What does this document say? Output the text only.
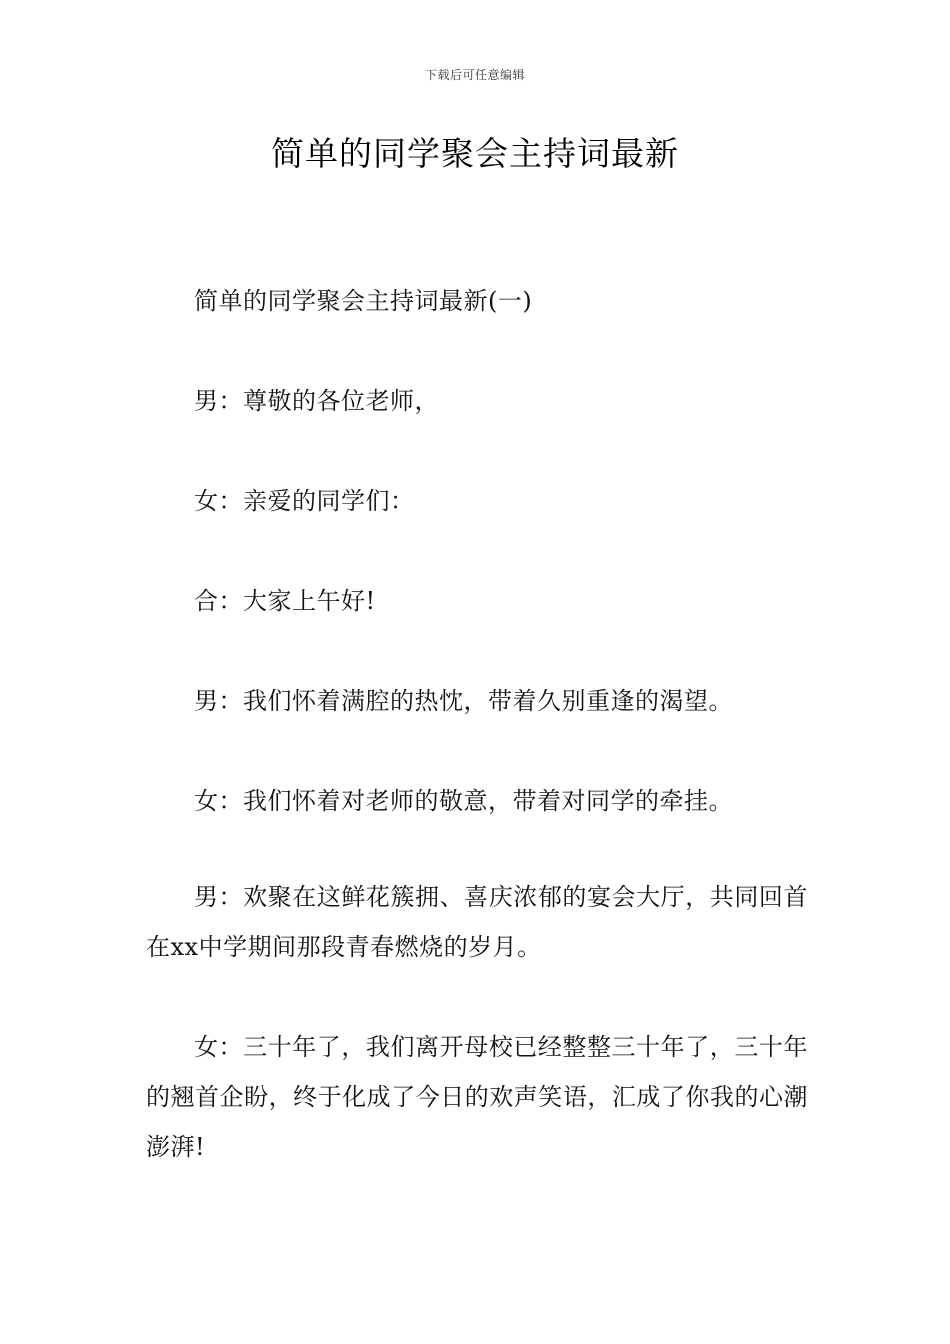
下载后可任意编辑
简单的同学聚会主持词最新

简单的同学聚会主持词最新(一)

男：尊敬的各位老师，

女：亲爱的同学们：

合：大家上午好!

男：我们怀着满腔的热忱，带着久别重逢的渴望。

女：我们怀着对老师的敬意，带着对同学的牵挂。

男：欢聚在这鲜花簇拥、喜庆浓郁的宴会大厅，共同回首在xx中学期间那段青春燃烧的岁月。

女：三十年了，我们离开母校已经整整三十年了，三十年的翘首企盼，终于化成了今日的欢声笑语，汇成了你我的心潮澎湃!
